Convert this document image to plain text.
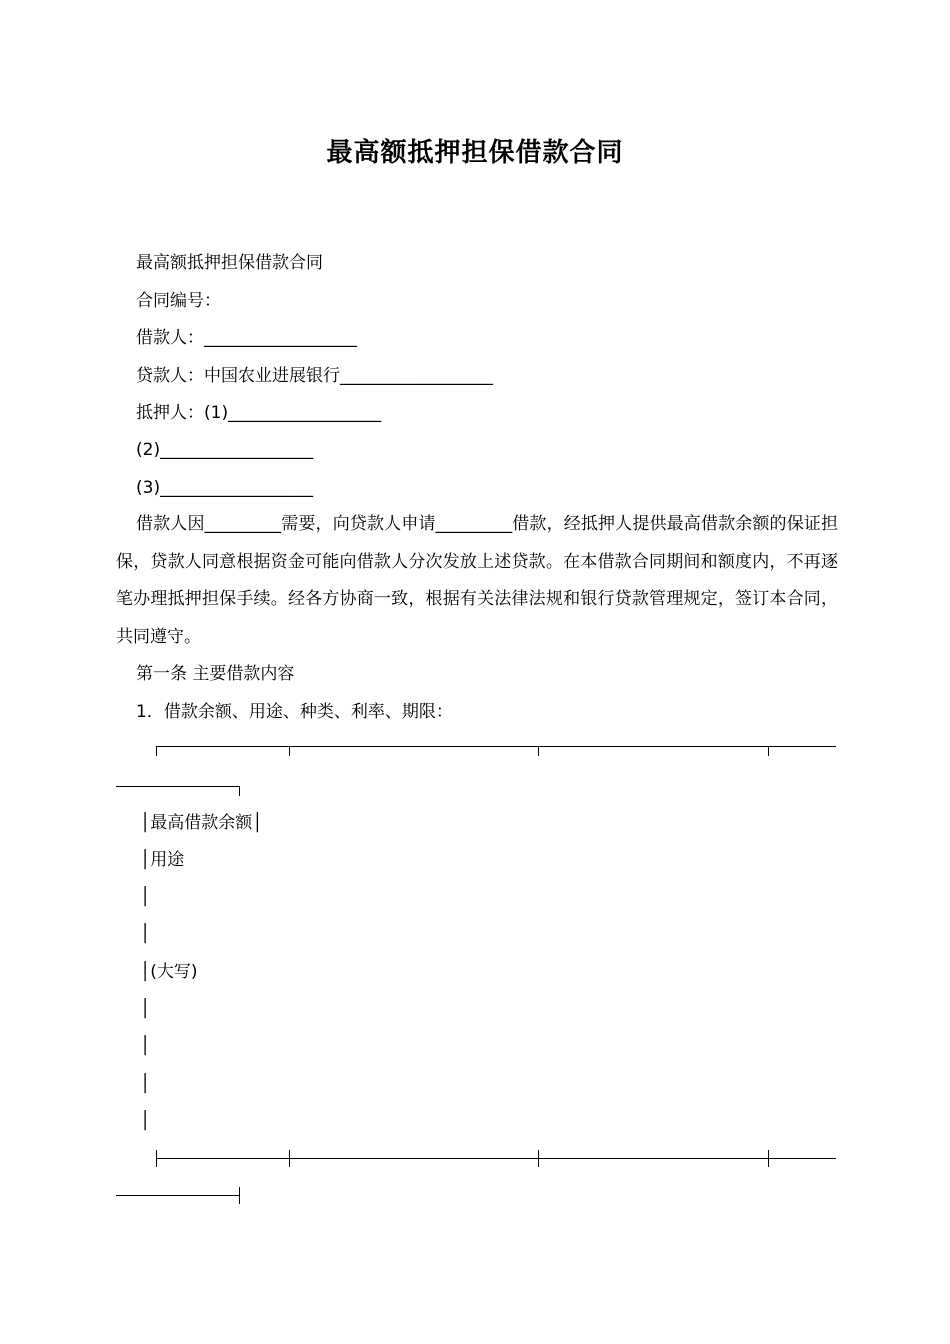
最高额抵押担保借款合同
最高额抵押担保借款合同
合同编号：
借款人：__________________
贷款人：中国农业进展银行__________________
抵押人：(1)__________________
(2)__________________
(3)__________________
借款人因_________需要，向贷款人申请_________借款，经抵押人提供最高借款余额的保证担保，贷款人同意根据资金可能向借款人分次发放上述贷款。在本借款合同期间和额度内，不再逐笔办理抵押担保手续。经各方协商一致，根据有关法律法规和银行贷款管理规定，签订本合同，共同遵守。
第一条 主要借款内容
1．借款余额、用途、种类、利率、期限：
│最高借款余额│
│用途
│
│
│(大写)
│
│
│
│
